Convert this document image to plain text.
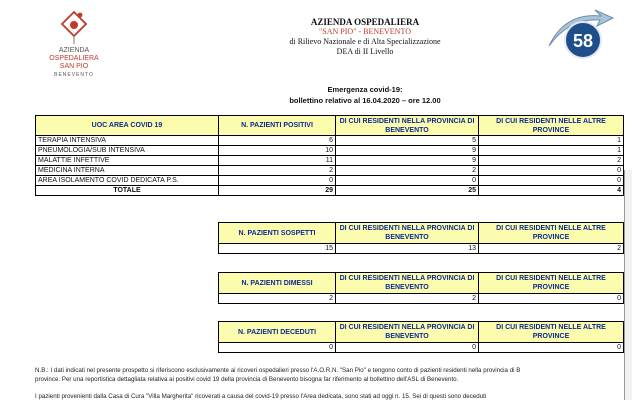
AZIENDA
OSPEDALIERA
SAN PIO
BENEVENTO
AZIENDA OSPEDALIERA
"SAN PIO" - BENEVENTO
di Rilievo Nazionale e di Alta Specializzazione
DEA di II Livello
58
Emergenza covid-19:
bollettino relativo al 16.04.2020 – ore 12.00
UOC AREA COVID 19	N. PAZIENTI POSITIVI	DI CUI RESIDENTI NELLA PROVINCIA DI BENEVENTO	DI CUI RESIDENTI NELLE ALTRE PROVINCE
TERAPIA INTENSIVA	6	5	1
PNEUMOLOGIA/SUB INTENSIVA	10	9	1
MALATTIE INFETTIVE	11	9	2
MEDICINA INTERNA	2	2	0
AREA ISOLAMENTO COVID DEDICATA P.S.	0	0	0
TOTALE	29	25	4
N. PAZIENTI SOSPETTI	DI CUI RESIDENTI NELLA PROVINCIA DI BENEVENTO	DI CUI RESIDENTI NELLE ALTRE PROVINCE
15	13	2
N. PAZIENTI DIMESSI	DI CUI RESIDENTI NELLA PROVINCIA DI BENEVENTO	DI CUI RESIDENTI NELLE ALTRE PROVINCE
2	2	0
N. PAZIENTI DECEDUTI	DI CUI RESIDENTI NELLA PROVINCIA DI BENEVENTO	DI CUI RESIDENTI NELLE ALTRE PROVINCE
0	0	0
N.B.: I dati indicati nel presente prospetto si riferiscono esclusivamente ai ricoveri ospedalieri presso l'A.O.R.N. "San Pio" e tengono conto di pazienti residenti nella provincia di B
province. Per una reportistica dettagliata relativa ai positivi covid 19 della provincia di Benevento bisogna far riferimento al bollettino dell'ASL di Benevento.
I pazienti provenienti dalla Casa di Cura "Villa Margherita" ricoverati a causa del covid-19 presso l'Area dedicata, sono stati ad oggi n. 15. Sei di questi sono deceduti
